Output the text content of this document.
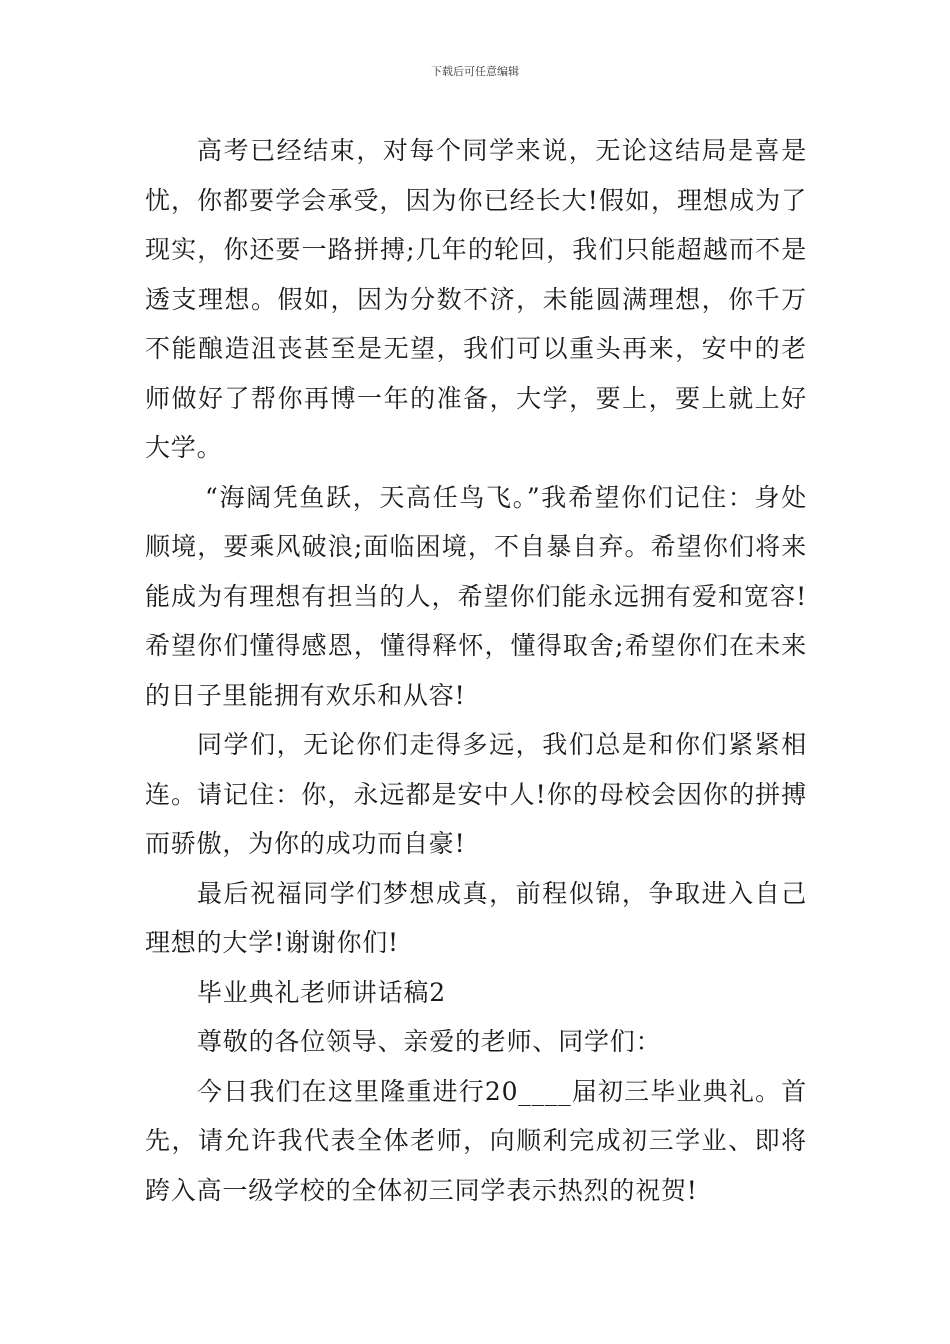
下载后可任意编辑

高考已经结束，对每个同学来说，无论这结局是喜是忧，你都要学会承受，因为你已经长大!假如，理想成为了现实，你还要一路拼搏;几年的轮回，我们只能超越而不是透支理想。假如，因为分数不济，未能圆满理想，你千万不能酿造沮丧甚至是无望，我们可以重头再来，安中的老师做好了帮你再博一年的准备，大学，要上，要上就上好大学。

“海阔凭鱼跃，天高任鸟飞。”我希望你们记住：身处顺境，要乘风破浪;面临困境，不自暴自弃。希望你们将来能成为有理想有担当的人，希望你们能永远拥有爱和宽容!希望你们懂得感恩，懂得释怀，懂得取舍;希望你们在未来的日子里能拥有欢乐和从容!

同学们，无论你们走得多远，我们总是和你们紧紧相连。请记住：你，永远都是安中人!你的母校会因你的拼搏而骄傲，为你的成功而自豪!

最后祝福同学们梦想成真，前程似锦，争取进入自己理想的大学!谢谢你们!

毕业典礼老师讲话稿2

尊敬的各位领导、亲爱的老师、同学们：

今日我们在这里隆重进行20____届初三毕业典礼。首先，请允许我代表全体老师，向顺利完成初三学业、即将跨入高一级学校的全体初三同学表示热烈的祝贺!
